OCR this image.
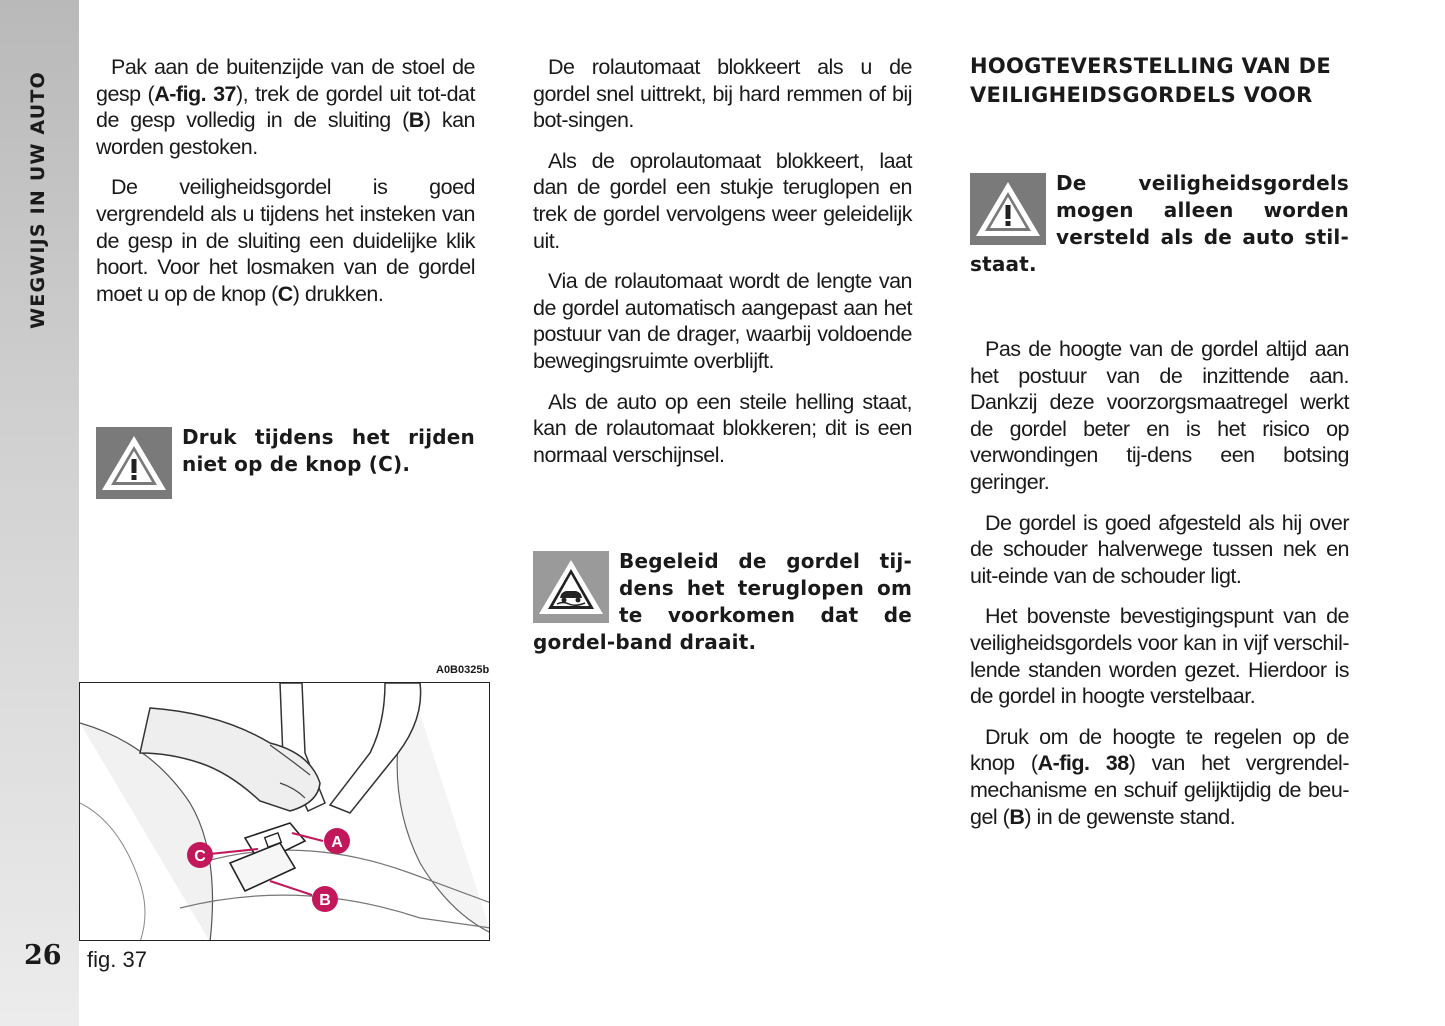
WEGWIJS IN UW AUTO
26

Pak aan de buitenzijde van de stoel de gesp (A-fig. 37), trek de gordel uit tot-dat de gesp volledig in de sluiting (B) kan worden gestoken.

De veiligheidsgordel is goed vergrendeld als u tijdens het insteken van de gesp in de sluiting een duidelijke klik hoort. Voor het losmaken van de gordel moet u op de knop (C) drukken.

Druk tijdens het rijden niet op de knop (C).
A0B0325b
A
B
C
fig. 37

De rolautomaat blokkeert als u de gordel snel uittrekt, bij hard remmen of bij bot-singen.

Als de oprolautomaat blokkeert, laat dan de gordel een stukje teruglopen en trek de gordel vervolgens weer geleidelijk uit.

Via de rolautomaat wordt de lengte van de gordel automatisch aangepast aan het postuur van de drager, waarbij voldoende bewegingsruimte overblijft.

Als de auto op een steile helling staat, kan de rolautomaat blokkeren; dit is een normaal verschijnsel.

Begeleid de gordel tij-dens het teruglopen om te voorkomen dat de gordel-band draait.
HOOGTEVERSTELLING VAN DE VEILIGHEIDSGORDELS VOOR
De veiligheidsgordels mogen alleen worden versteld als de auto stil-staat.

Pas de hoogte van de gordel altijd aan het postuur van de inzittende aan. Dankzij deze voorzorgsmaatregel werkt de gordel beter en is het risico op verwondingen tij-dens een botsing geringer.

De gordel is goed afgesteld als hij over de schouder halverwege tussen nek en uit-einde van de schouder ligt.

Het bovenste bevestigingspunt van de veiligheidsgordels voor kan in vijf verschil-lende standen worden gezet. Hierdoor is de gordel in hoogte verstelbaar.

Druk om de hoogte te regelen op de knop (A-fig. 38) van het vergrendel-mechanisme en schuif gelijktijdig de beu-gel (B) in de gewenste stand.
